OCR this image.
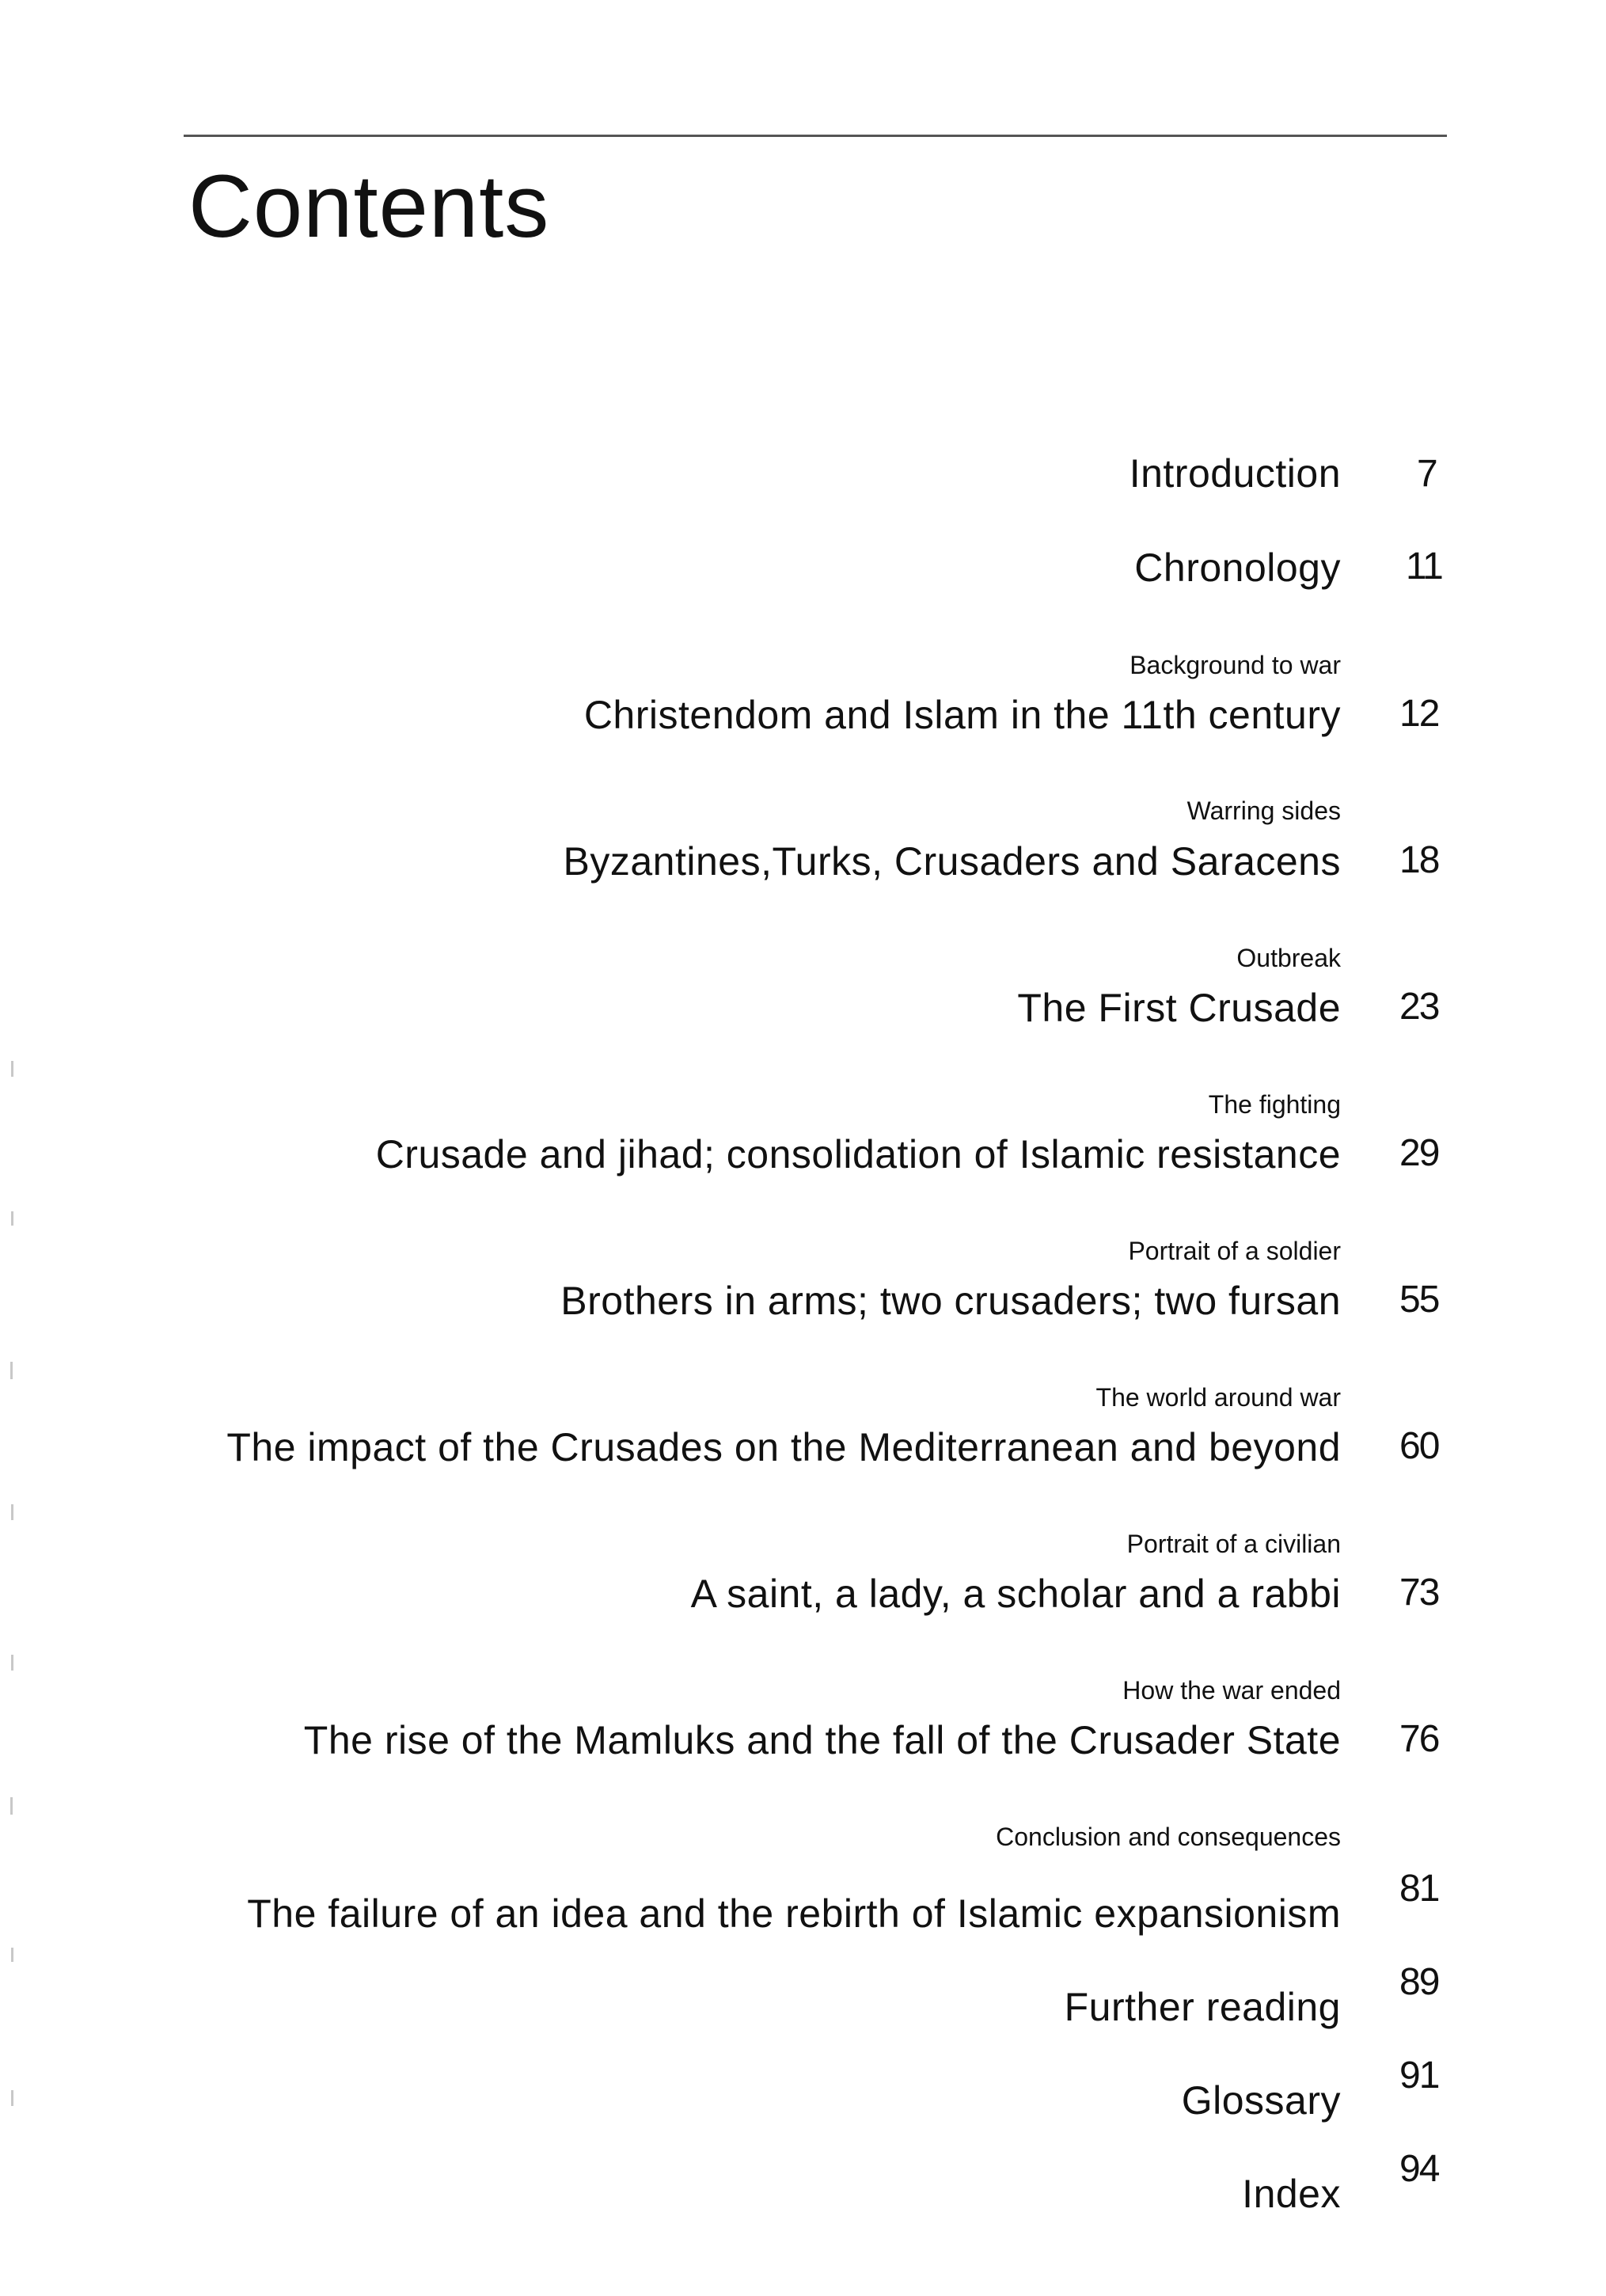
Contents
Introduction 7
Chronology 11
Background to war
Christendom and Islam in the 11th century 12
Warring sides
Byzantines,Turks, Crusaders and Saracens 18
Outbreak
The First Crusade 23
The fighting
Crusade and jihad; consolidation of Islamic resistance 29
Portrait of a soldier
Brothers in arms; two crusaders; two fursan 55
The world around war
The impact of the Crusades on the Mediterranean and beyond 60
Portrait of a civilian
A saint, a lady, a scholar and a rabbi 73
How the war ended
The rise of the Mamluks and the fall of the Crusader State 76
Conclusion and consequences
The failure of an idea and the rebirth of Islamic expansionism
81
Further reading
89
Glossary
91
Index
94
